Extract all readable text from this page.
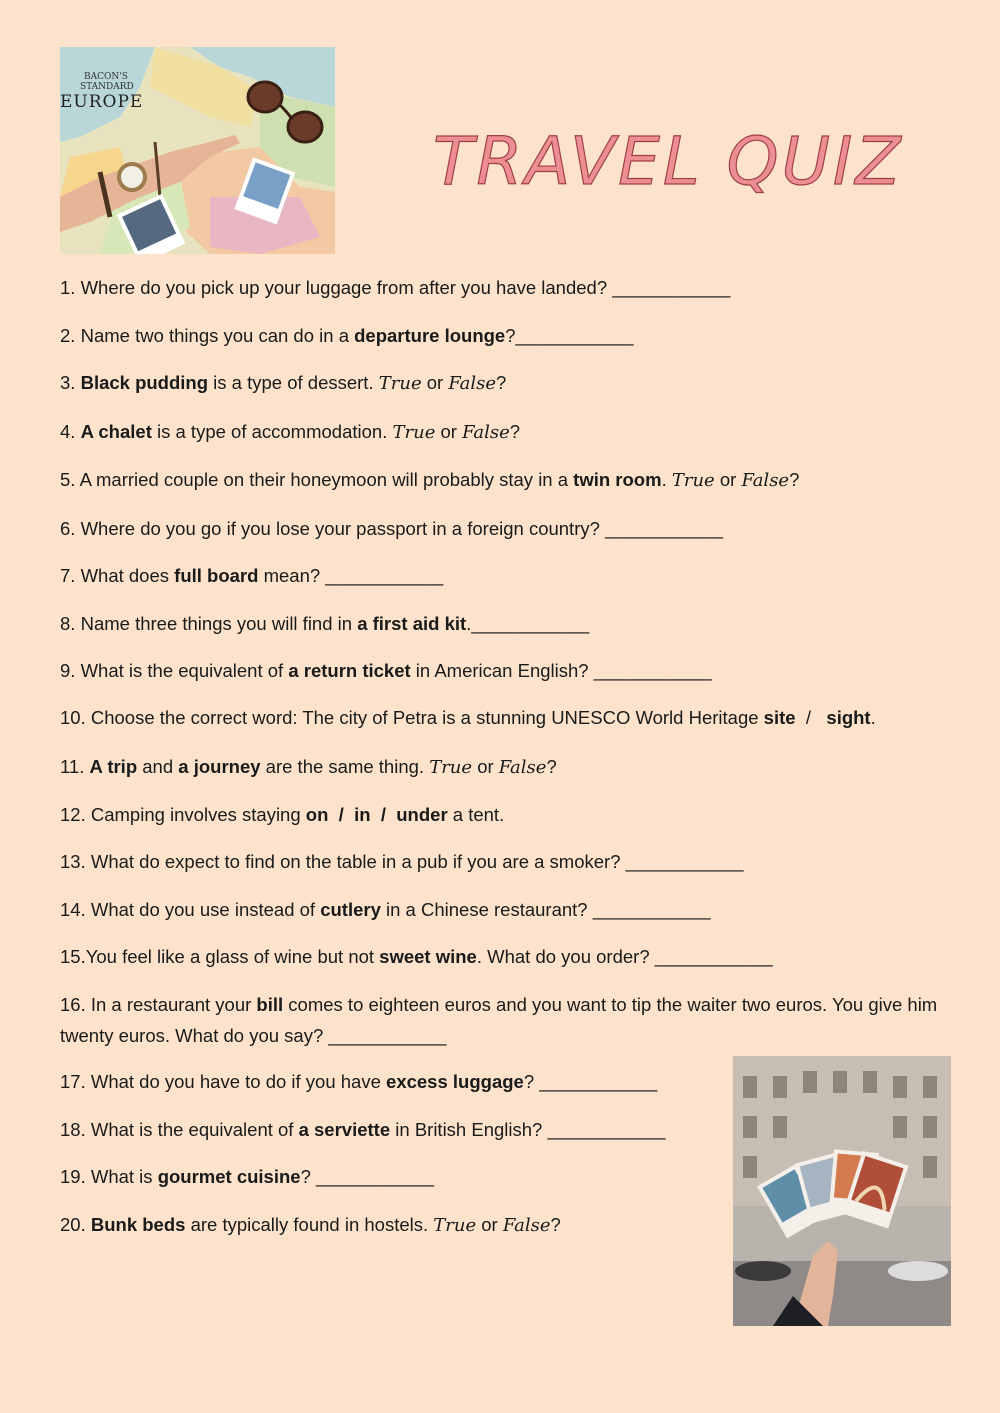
BACON'S
STANDARD
EUROPE
TRAVEL QUIZ
1. Where do you pick up your luggage from after you have landed? ____________
2. Name two things you can do in a departure lounge?____________
3. Black pudding is a type of dessert. True or False?
4. A chalet is a type of accommodation. True or False?
5. A married couple on their honeymoon will probably stay in a twin room. True or False?
6. Where do you go if you lose your passport in a foreign country? ____________
7. What does full board mean? ____________
8. Name three things you will find in a first aid kit.____________
9. What is the equivalent of a return ticket in American English? ____________
10. Choose the correct word: The city of Petra is a stunning UNESCO World Heritage site  /   sight.
11. A trip and a journey are the same thing. True or False?
12. Camping involves staying on  /  in  /  under a tent.
13. What do expect to find on the table in a pub if you are a smoker? ____________
14. What do you use instead of cutlery in a Chinese restaurant? ____________
15.You feel like a glass of wine but not sweet wine. What do you order? ____________
16. In a restaurant your bill comes to eighteen euros and you want to tip the waiter two euros. You give him twenty euros. What do you say? ____________
17. What do you have to do if you have excess luggage? ____________
18. What is the equivalent of a serviette in British English? ____________
19. What is gourmet cuisine? ____________
20. Bunk beds are typically found in hostels. True or False?
